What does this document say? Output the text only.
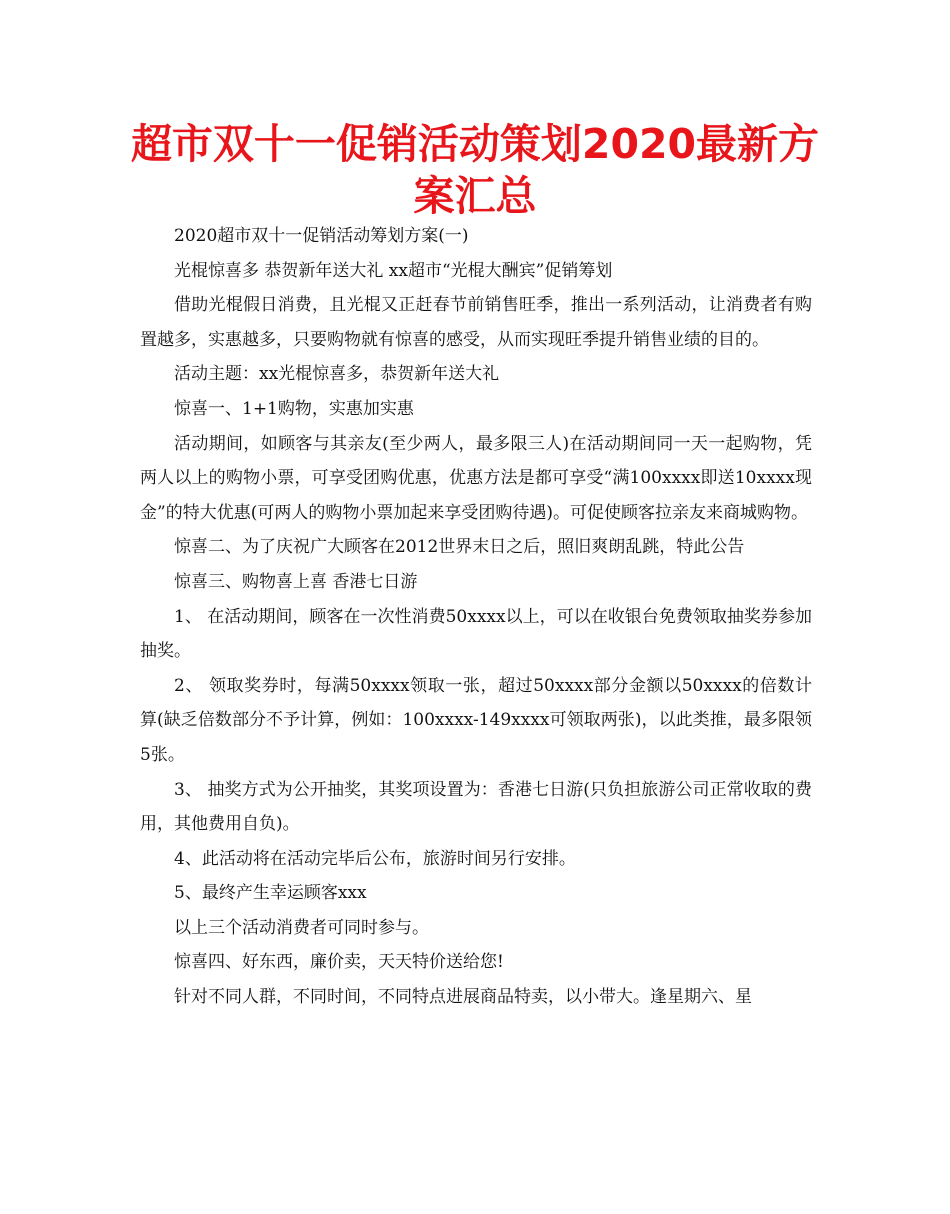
超市双十一促销活动策划2020最新方案汇总

2020超市双十一促销活动筹划方案(一)

光棍惊喜多 恭贺新年送大礼 xx超市“光棍大酬宾”促销筹划

借助光棍假日消费，且光棍又正赶春节前销售旺季，推出一系列活动，让消费者有购置越多，实惠越多，只要购物就有惊喜的感受，从而实现旺季提升销售业绩的目的。

活动主题：xx光棍惊喜多，恭贺新年送大礼

惊喜一、1+1购物，实惠加实惠

活动期间，如顾客与其亲友(至少两人，最多限三人)在活动期间同一天一起购物，凭两人以上的购物小票，可享受团购优惠，优惠方法是都可享受“满100xxxx即送10xxxx现金”的特大优惠(可两人的购物小票加起来享受团购待遇)。可促使顾客拉亲友来商城购物。

惊喜二、为了庆祝广大顾客在2012世界末日之后，照旧爽朗乱跳，特此公告

惊喜三、购物喜上喜 香港七日游

1、 在活动期间，顾客在一次性消费50xxxx以上，可以在收银台免费领取抽奖券参加抽奖。

2、 领取奖券时，每满50xxxx领取一张，超过50xxxx部分金额以50xxxx的倍数计算(缺乏倍数部分不予计算，例如：100xxxx-149xxxx可领取两张)，以此类推，最多限领5张。

3、 抽奖方式为公开抽奖，其奖项设置为：香港七日游(只负担旅游公司正常收取的费用，其他费用自负)。

4、此活动将在活动完毕后公布，旅游时间另行安排。

5、最终产生幸运顾客xxx

以上三个活动消费者可同时参与。

惊喜四、好东西，廉价卖，天天特价送给您!

针对不同人群，不同时间，不同特点进展商品特卖，以小带大。逢星期六、星
